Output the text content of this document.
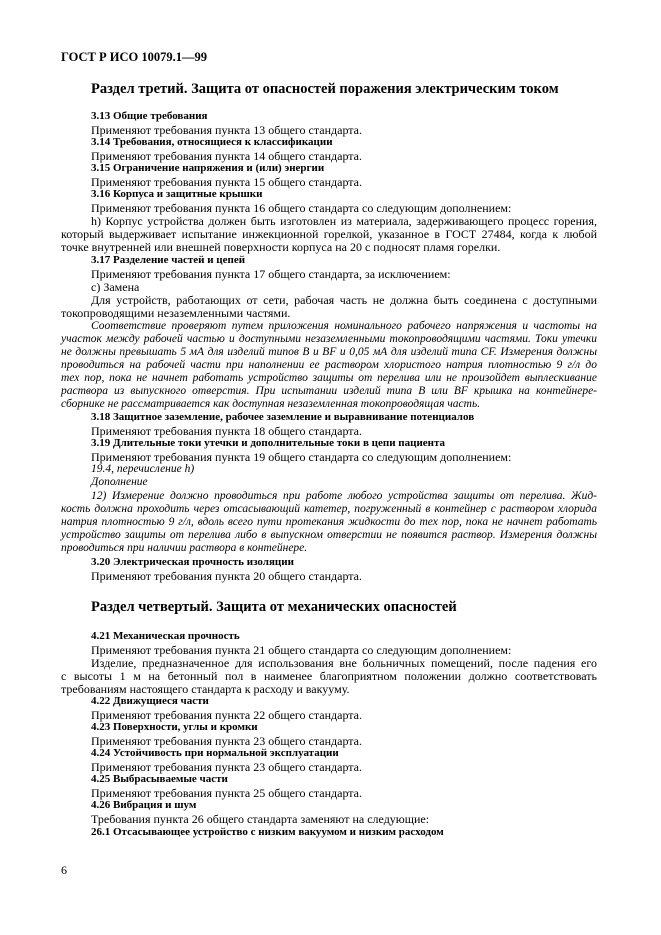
ГОСТ Р ИСО 10079.1—99
Раздел третий. Защита от опасностей поражения электрическим током
3.13 Общие требования
Применяют требования пункта 13 общего стандарта.
3.14 Требования, относящиеся к классификации
Применяют требования пункта 14 общего стандарта.
3.15 Ограничение напряжения и (или) энергии
Применяют требования пункта 15 общего стандарта.
3.16 Корпуса и защитные крышки
Применяют требования пункта 16 общего стандарта со следующим дополнением:
h) Корпус устройства должен быть изготовлен из материала, задерживающего процесс горения,
который выдерживает испытание инжекционной горелкой, указанное в ГОСТ 27484, когда к любой
точке внутренней или внешней поверхности корпуса на 20 с подносят пламя горелки.
3.17 Разделение частей и цепей
Применяют требования пункта 17 общего стандарта, за исключением:
c) Замена
Для устройств, работающих от сети, рабочая часть не должна быть соединена с доступными
токопроводящими незаземленными частями.
Соответствие проверяют путем приложения номинального рабочего напряжения и частоты на
участок между рабочей частью и доступными незаземленными токопроводящими частями. Токи утечки
не должны превышать 5 мА для изделий типов В и BF и 0,05 мА для изделий типа CF. Измерения должны
проводиться на рабочей части при наполнении ее раствором хлористого натрия плотностью 9 г/л до
тех пор, пока не начнет работать устройство защиты от перелива или не произойдет выплескивание
раствора из выпускного отверстия. При испытании изделий типа В или BF крышка на контейнере-
сборнике не рассматривается как доступная незаземленная токопроводящая часть.
3.18 Защитное заземление, рабочее заземление и выравнивание потенциалов
Применяют требования пункта 18 общего стандарта.
3.19 Длительные токи утечки и дополнительные токи в цепи пациента
Применяют требования пункта 19 общего стандарта со следующим дополнением:
19.4, перечисление h)
Дополнение
12) Измерение должно проводиться при работе любого устройства защиты от перелива. Жид-
кость должна проходить через отсасывающий катетер, погруженный в контейнер с раствором хлорида
натрия плотностью 9 г/л, вдоль всего пути протекания жидкости до тех пор, пока не начнет работать
устройство защиты от перелива либо в выпускном отверстии не появится раствор. Измерения должны
проводиться при наличии раствора в контейнере.
3.20 Электрическая прочность изоляции
Применяют требования пункта 20 общего стандарта.
Раздел четвертый. Защита от механических опасностей
4.21 Механическая прочность
Применяют требования пункта 21 общего стандарта со следующим дополнением:
Изделие, предназначенное для использования вне больничных помещений, после падения его
с высоты 1 м на бетонный пол в наименее благоприятном положении должно соответствовать
требованиям настоящего стандарта к расходу и вакууму.
4.22 Движущиеся части
Применяют требования пункта 22 общего стандарта.
4.23 Поверхности, углы и кромки
Применяют требования пункта 23 общего стандарта.
4.24 Устойчивость при нормальной эксплуатации
Применяют требования пункта 23 общего стандарта.
4.25 Выбрасываемые части
Применяют требования пункта 25 общего стандарта.
4.26 Вибрация и шум
Требования пункта 26 общего стандарта заменяют на следующие:
26.1 Отсасывающее устройство с низким вакуумом и низким расходом
6
